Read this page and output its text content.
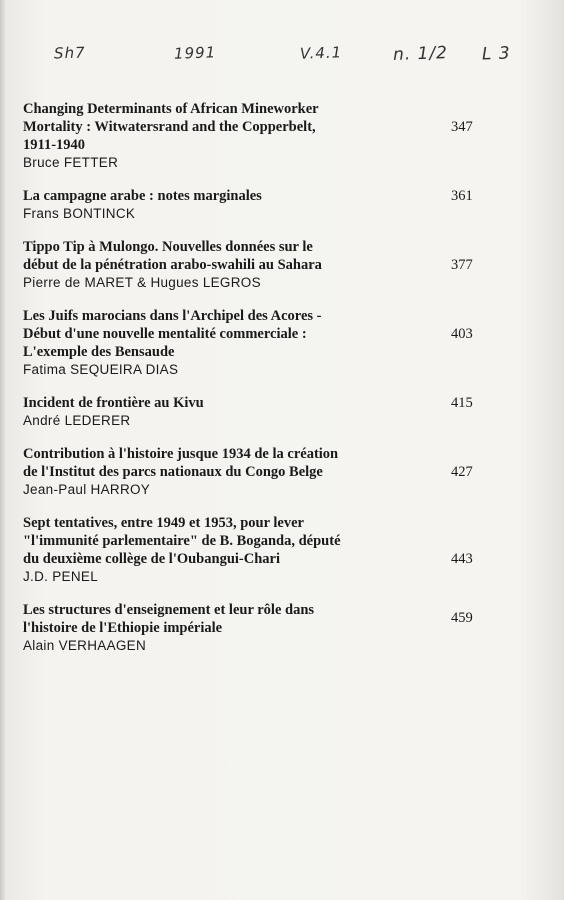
Sh7	1991	V.4.1	n. 1/2 L 3
Changing Determinants of African Mineworker
Mortality : Witwatersrand and the Copperbelt,
1911-1940
Bruce FETTER
347
La campagne arabe : notes marginales
Frans BONTINCK
361
Tippo Tip à Mulongo. Nouvelles données sur le
début de la pénétration arabo-swahili au Sahara
Pierre de MARET & Hugues LEGROS
377
Les Juifs marocians dans l'Archipel des Acores -
Début d'une nouvelle mentalité commerciale :
L'exemple des Bensaude
Fatima SEQUEIRA DIAS
403
Incident de frontière au Kivu
André LEDERER
415
Contribution à l'histoire jusque 1934 de la création
de l'Institut des parcs nationaux du Congo Belge
Jean-Paul HARROY
427
Sept tentatives, entre 1949 et 1953, pour lever
"l'immunité parlementaire" de B. Boganda, député
du deuxième collège de l'Oubangui-Chari
J.D. PENEL
443
Les structures d'enseignement et leur rôle dans
l'histoire de l'Ethiopie impériale
Alain VERHAAGEN
459
